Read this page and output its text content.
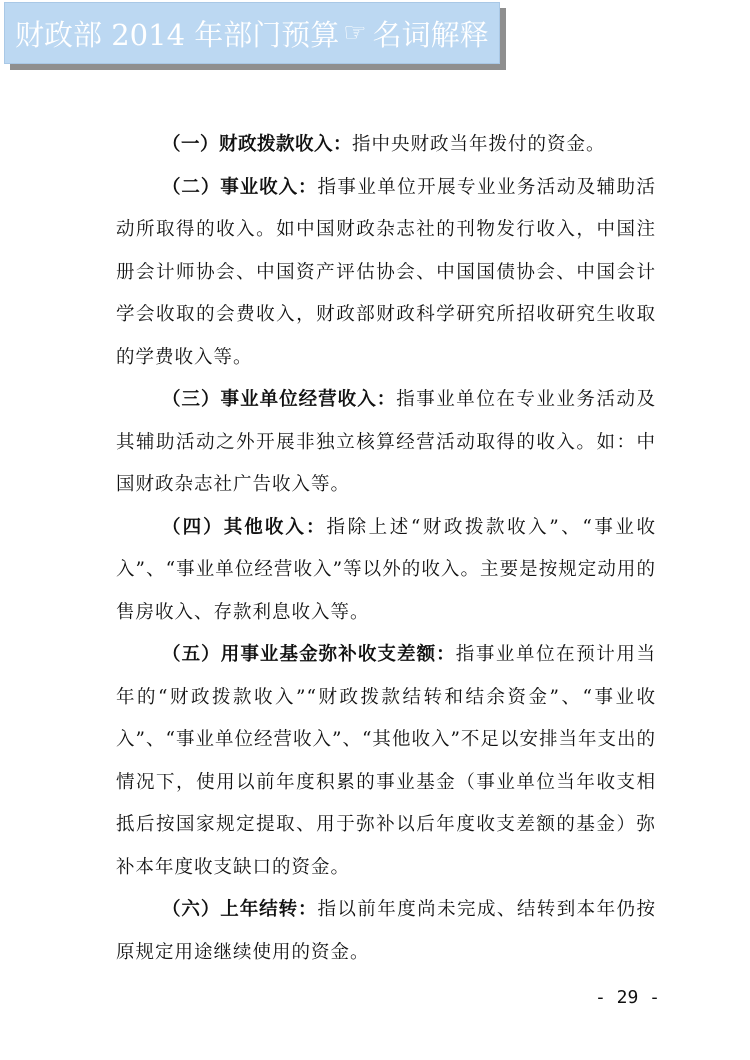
财政部 2014 年部门预算 ☞ 名词解释

（一）财政拨款收入：指中央财政当年拨付的资金。

（二）事业收入：指事业单位开展专业业务活动及辅助活动所取得的收入。如中国财政杂志社的刊物发行收入，中国注册会计师协会、中国资产评估协会、中国国债协会、中国会计学会收取的会费收入，财政部财政科学研究所招收研究生收取的学费收入等。

（三）事业单位经营收入：指事业单位在专业业务活动及其辅助活动之外开展非独立核算经营活动取得的收入。如：中国财政杂志社广告收入等。

（四）其他收入：指除上述“财政拨款收入”、“事业收入”、“事业单位经营收入”等以外的收入。主要是按规定动用的售房收入、存款利息收入等。

（五）用事业基金弥补收支差额：指事业单位在预计用当年的“财政拨款收入”“财政拨款结转和结余资金”、“事业收入”、“事业单位经营收入”、“其他收入”不足以安排当年支出的情况下，使用以前年度积累的事业基金（事业单位当年收支相抵后按国家规定提取、用于弥补以后年度收支差额的基金）弥补本年度收支缺口的资金。

（六）上年结转：指以前年度尚未完成、结转到本年仍按原规定用途继续使用的资金。

- 29 -
